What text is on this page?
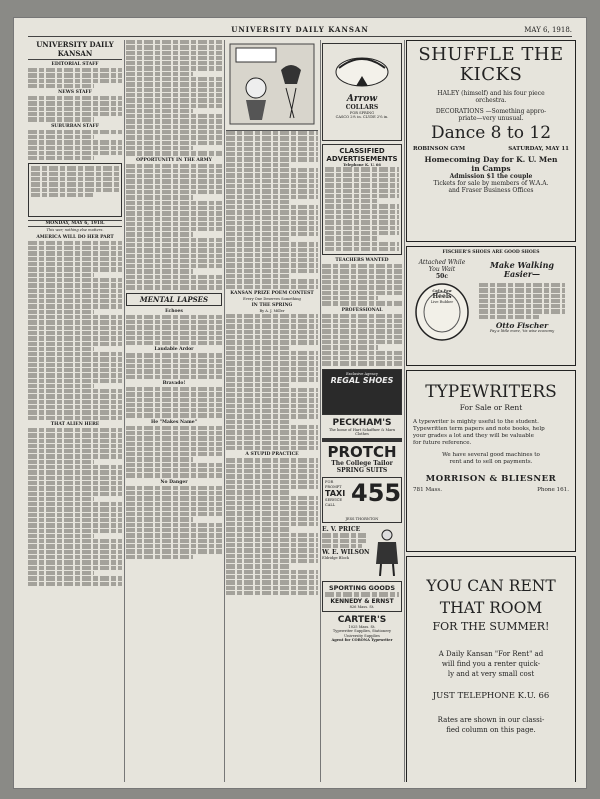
UNIVERSITY DAILY KANSAN	MAY 6, 1918.
UNIVERSITY DAILY KANSAN
EDITORIAL STAFF
NEWS STAFF
SUBURBAN STAFF
MONDAY, MAY 6, 1918.
This war; nothing else matters.
AMERICA WILL DO HER PART
THAT ALIEN HERE
OPPORTUNITY IN THE ARMY
MENTAL LAPSES
Echoes
Laudable Ardor
Bravado!
He "Makes Name"
No Danger
KANSAN PRIZE POEM CONTEST
Every One Deserves Something
IN THE SPRING
By A. J. Miller
A STUPID PRACTICE
Arrow
COLLARS
FOR SPRING
CASCO 2⅛ in. CLYDE 2⅝ in.
CLASSIFIED ADVERTISEMENTS
Telephone K. U. 66
TEACHERS WANTED
PROFESSIONAL
Exclusive Agency
REGAL SHOES
PECKHAM'S
The home of Hart Schaffner & Marx Clothes
PROTCH
The College Tailor
SPRING SUITS
FOR
PROMPT
TAXI
SERVICE
CALL 455
JESS THORNTON
E. V. PRICE
W. E. WILSON
Eldridge Block
SPORTING GOODS
KENNEDY & ERNST
826 Mass. St.
CARTER'S
1025 Mass. St.
Typewriter Supplies, Stationery
University Supplies
Agent for CORONA Typewriter
SHUFFLE THE
KICKS
HALEY (himself) and his four piece
orchestra.
DECORATIONS —Something appro-
priate—very unusual.
Dance 8 to 12
ROBINSON GYM	SATURDAY, MAY 11
Homecoming Day for K. U. Men
in Camps
Admission $1 the couple
Tickets for sale by members of W.A.A.
and Fraser Business Offices
FISCHER'S SHOES ARE GOOD SHOES
Attached While You Wait
50c
Cat's Paw
Heels
Live Rubber
Make Walking
Easier—
Otto Fischer
Pay a little more, 'tis wise economy
TYPEWRITERS
For Sale or Rent
A typewriter is mighty useful to the student.
Typewritten term papers and note books, help
your grades a lot and they will be valuable
for future reference.
We have several good machines to
rent and to sell on payments.
MORRISON & BLIESNER
781 Mass.	Phone 161.
YOU CAN RENT
THAT ROOM
FOR THE SUMMER!
A Daily Kansan "For Rent" ad
will find you a renter quick-
ly and at very small cost
JUST TELEPHONE K.U. 66
Rates are shown in our classi-
fied column on this page.
